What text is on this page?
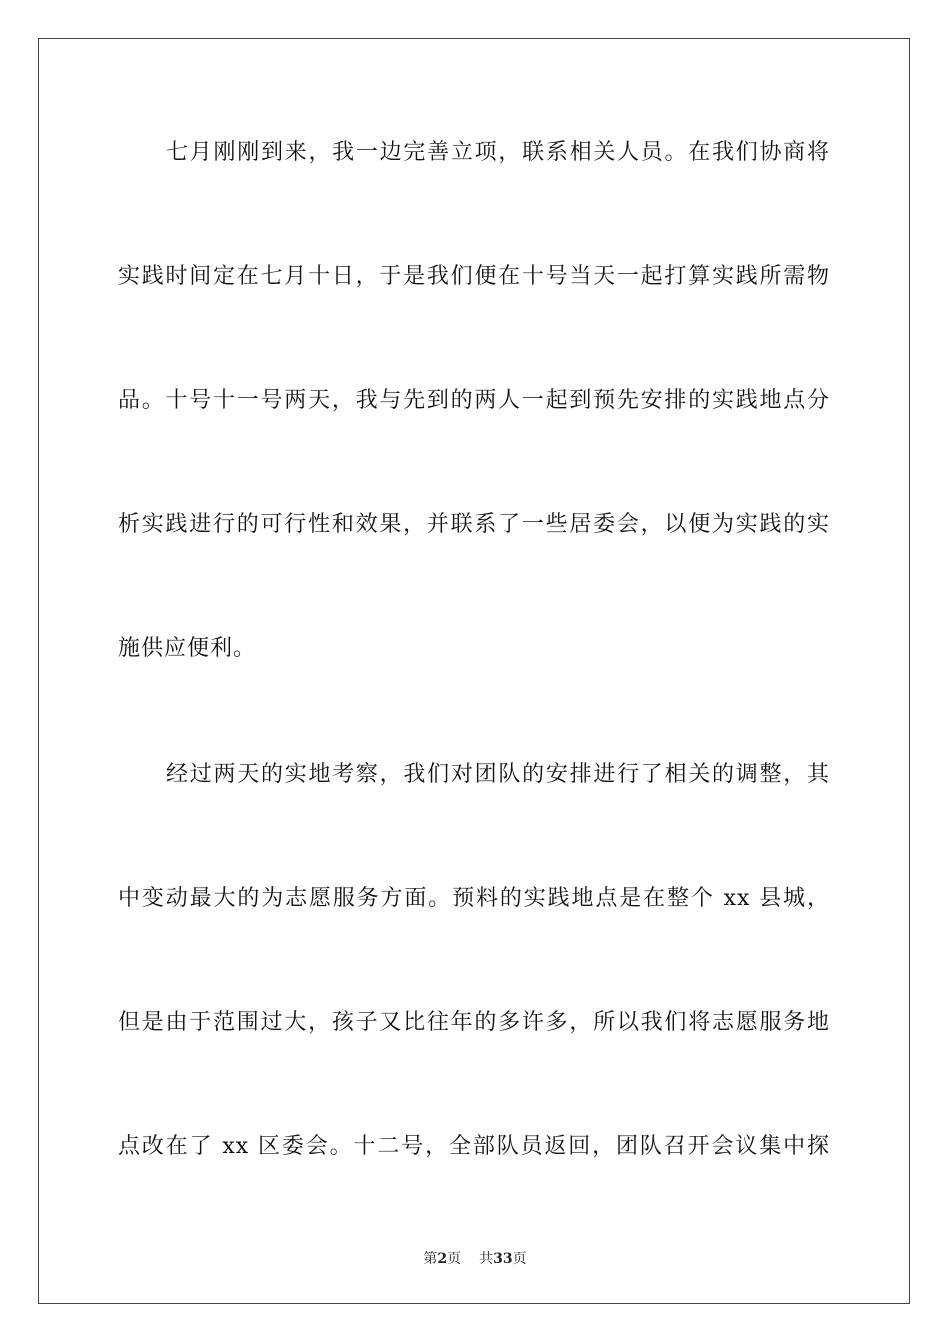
七月刚刚到来，我一边完善立项，联系相关人员。在我们协商将
实践时间定在七月十日，于是我们便在十号当天一起打算实践所需物
品。十号十一号两天，我与先到的两人一起到预先安排的实践地点分
析实践进行的可行性和效果，并联系了一些居委会，以便为实践的实
施供应便利。
经过两天的实地考察，我们对团队的安排进行了相关的调整，其
中变动最大的为志愿服务方面。预料的实践地点是在整个 xx 县城，
但是由于范围过大，孩子又比往年的多许多，所以我们将志愿服务地
点改在了 xx 区委会。十二号，全部队员返回，团队召开会议集中探
第2页 共33页
